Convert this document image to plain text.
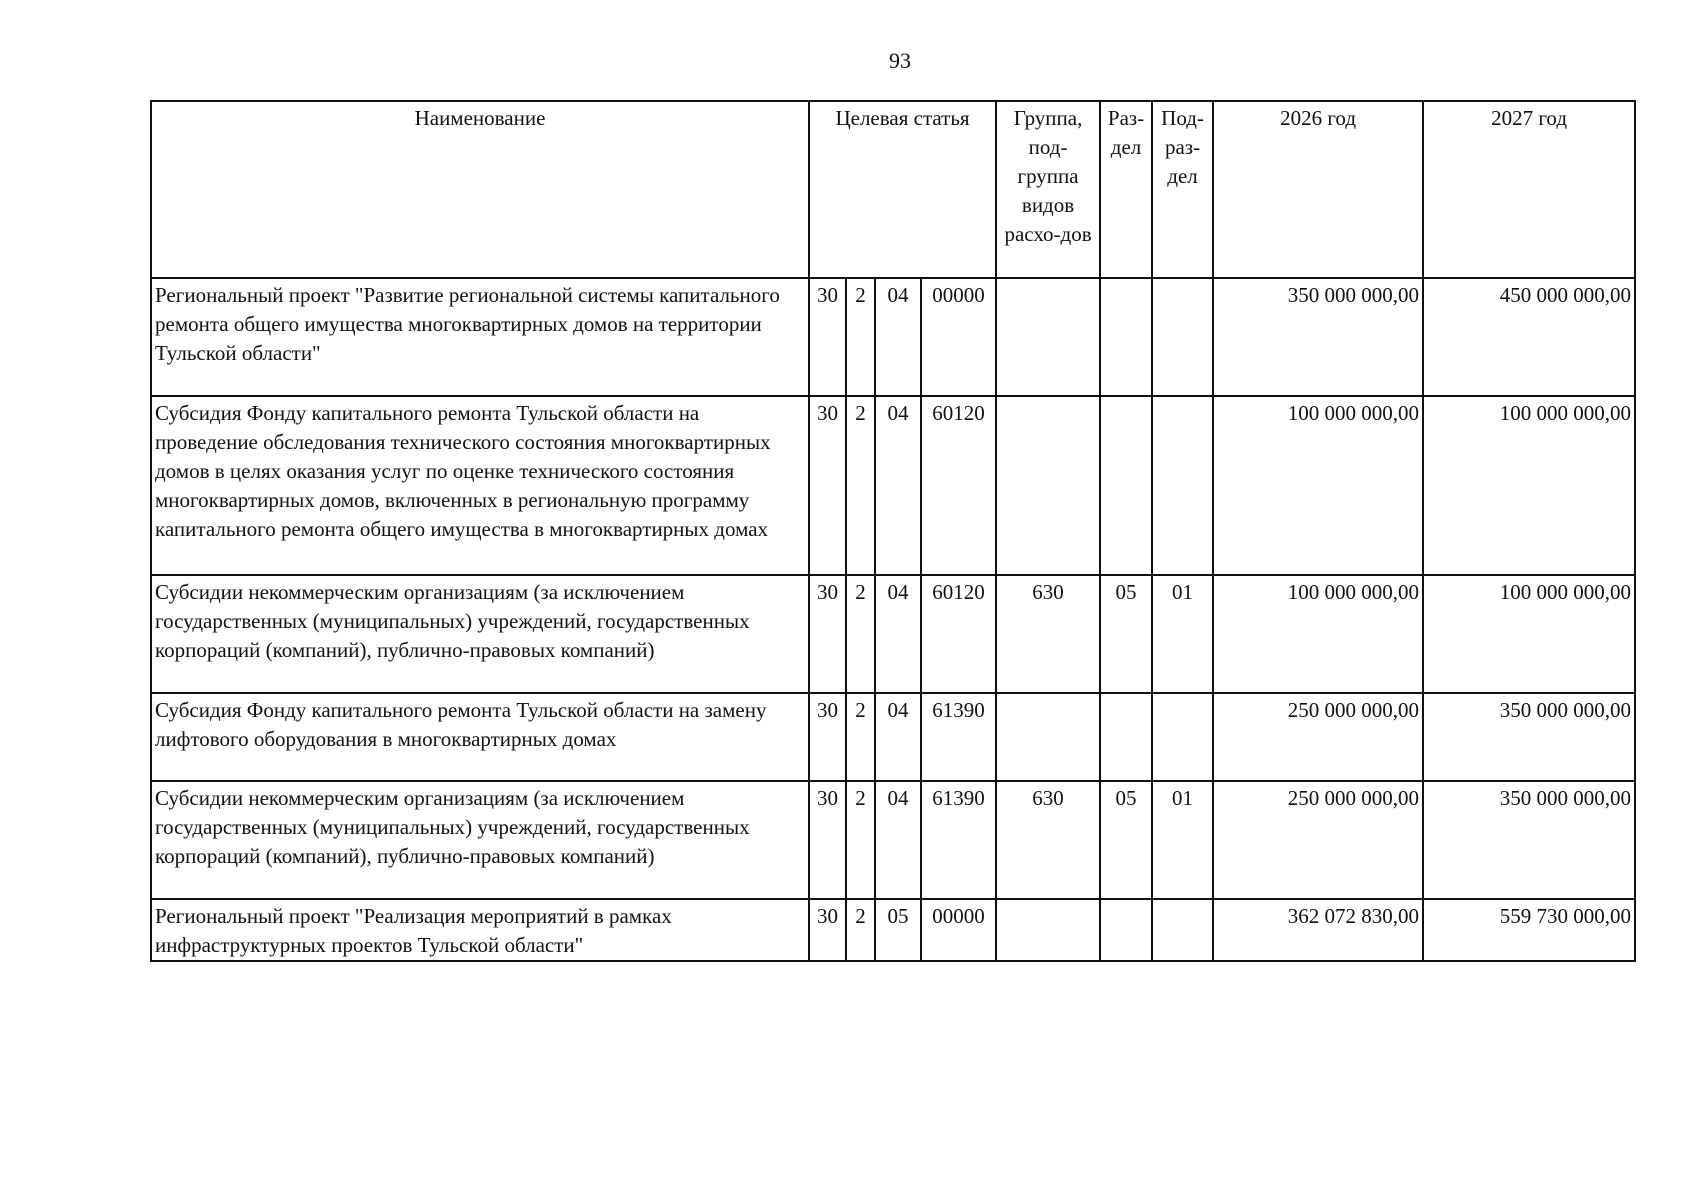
93
Наименование	Целевая статья				Группа, под-группа видов расхо-дов	Раз-дел	Под-раз-дел	2026 год	2027 год
Региональный проект "Развитие региональной системы капитального ремонта общего имущества многоквартирных домов на территории Тульской области"	30	2	04	00000				350 000 000,00	450 000 000,00
Субсидия Фонду капитального ремонта Тульской области на проведение обследования технического состояния многоквартирных домов в целях оказания услуг по оценке технического состояния многоквартирных домов, включенных в региональную программу капитального ремонта общего имущества в многоквартирных домах	30	2	04	60120				100 000 000,00	100 000 000,00
Субсидии некоммерческим организациям (за исключением государственных (муниципальных) учреждений, государственных корпораций (компаний), публично-правовых компаний)	30	2	04	60120	630	05	01	100 000 000,00	100 000 000,00
Субсидия Фонду капитального ремонта Тульской области на замену лифтового оборудования в многоквартирных домах	30	2	04	61390				250 000 000,00	350 000 000,00
Субсидии некоммерческим организациям (за исключением государственных (муниципальных) учреждений, государственных корпораций (компаний), публично-правовых компаний)	30	2	04	61390	630	05	01	250 000 000,00	350 000 000,00
Региональный проект "Реализация мероприятий в рамках инфраструктурных проектов Тульской области"	30	2	05	00000				362 072 830,00	559 730 000,00
